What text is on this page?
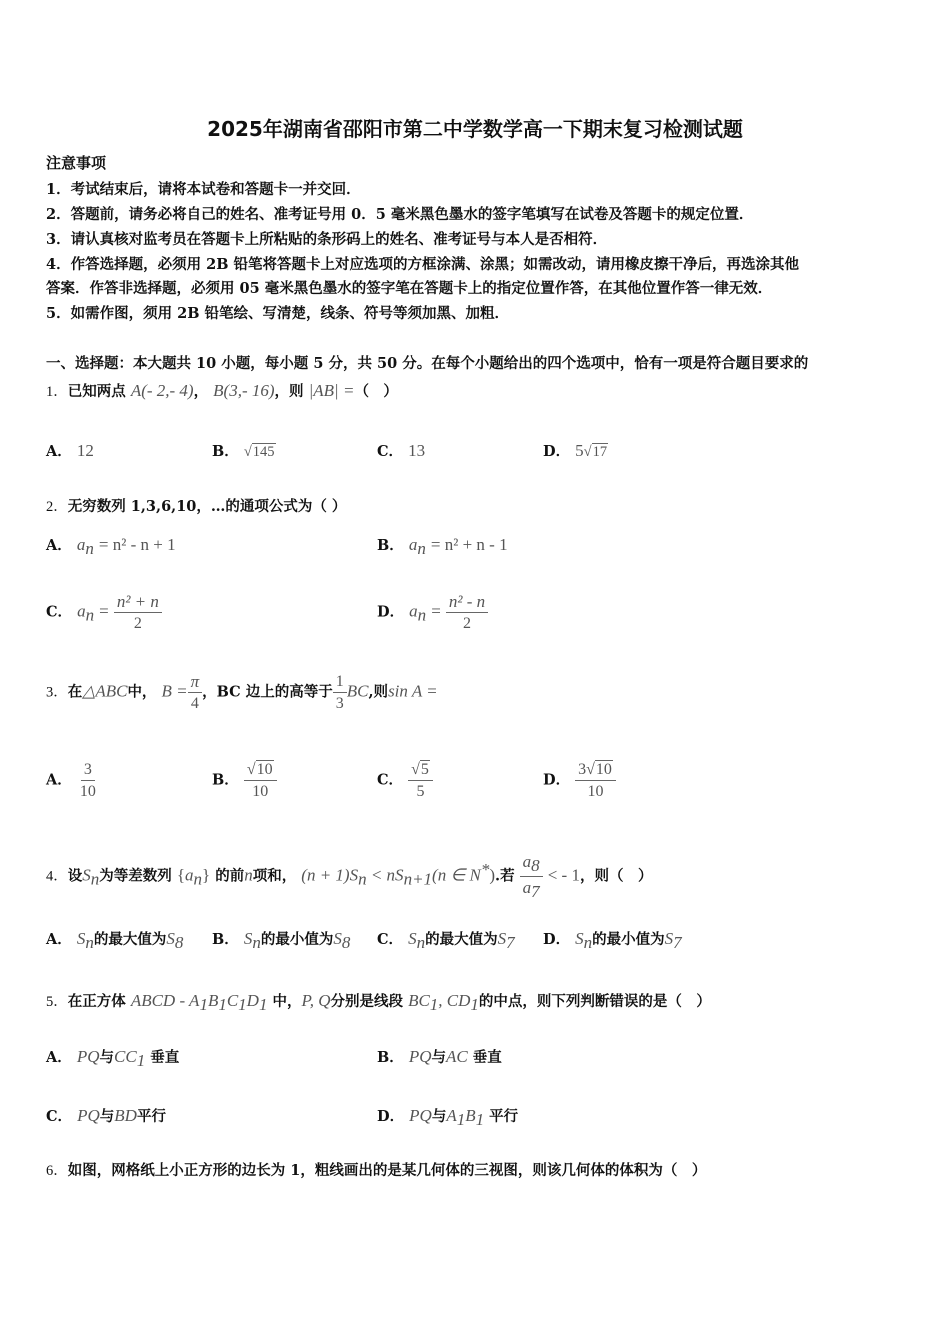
2025年湖南省邵阳市第二中学数学高一下期末复习检测试题
注意事项
1．考试结束后，请将本试卷和答题卡一并交回．
2．答题前，请务必将自己的姓名、准考证号用 0．5 毫米黑色墨水的签字笔填写在试卷及答题卡的规定位置．
3．请认真核对监考员在答题卡上所粘贴的条形码上的姓名、准考证号与本人是否相符．
4．作答选择题，必须用 2B 铅笔将答题卡上对应选项的方框涂满、涂黑；如需改动，请用橡皮擦干净后，再选涂其他
答案．作答非选择题，必须用 05 毫米黑色墨水的签字笔在答题卡上的指定位置作答，在其他位置作答一律无效．
5．如需作图，须用 2B 铅笔绘、写清楚，线条、符号等须加黑、加粗．
一、选择题：本大题共 10 小题，每小题 5 分，共 50 分。在每个小题给出的四个选项中，恰有一项是符合题目要求的
1．已知两点 A(- 2,- 4)， B(3,- 16)，则 |AB| =（　）
A． 12	B． √145	C． 13	D． 5√17
2．无穷数列 1,3,6,10，…的通项公式为（ ）
A． $a_n = n^2 - n + 1$	B． $a_n = n^2 + n - 1$
C． $a_n = \frac{\text{n² + n}}{2}$	D． $a_n = \frac{\text{n² - n}}{2}$
3．在△ABC中， $B = \frac{\pi}{4}$ ，BC 边上的高等于 $\frac{1}{3}$ BC,则sin A =
A． $\frac{3}{10}$	B． $\frac{√10}{10}$	C． $\frac{√5}{5}$	D． $\frac{3√10}{10}$
4．设$S_n$为等差数列 $\{a_n\}$ 的前n项和， $(n + 1)S_n < nS_{n+1}(n$ ∈ N*).若 $\frac{a_8}{a_7}$ < - 1，则（　）
A． $S_n$的最大值为$S_8$ B． $S_n$的最小值为$S_8$ C． $S_n$的最大值为$S_7$ D． $S_n$的最小值为$S_7$
5．在正方体 ABCD - $A_1B_1C_1D_1$ 中，P, Q分别是线段 $BC_1$, $CD_1$的中点，则下列判断错误的是（　）
A． PQ与$CC_1$ 垂直	B． PQ与AC 垂直
C． PQ与BD平行	D． PQ与$A_1B_1$ 平行
6．如图，网格纸上小正方形的边长为 1，粗线画出的是某几何体的三视图，则该几何体的体积为（　）
